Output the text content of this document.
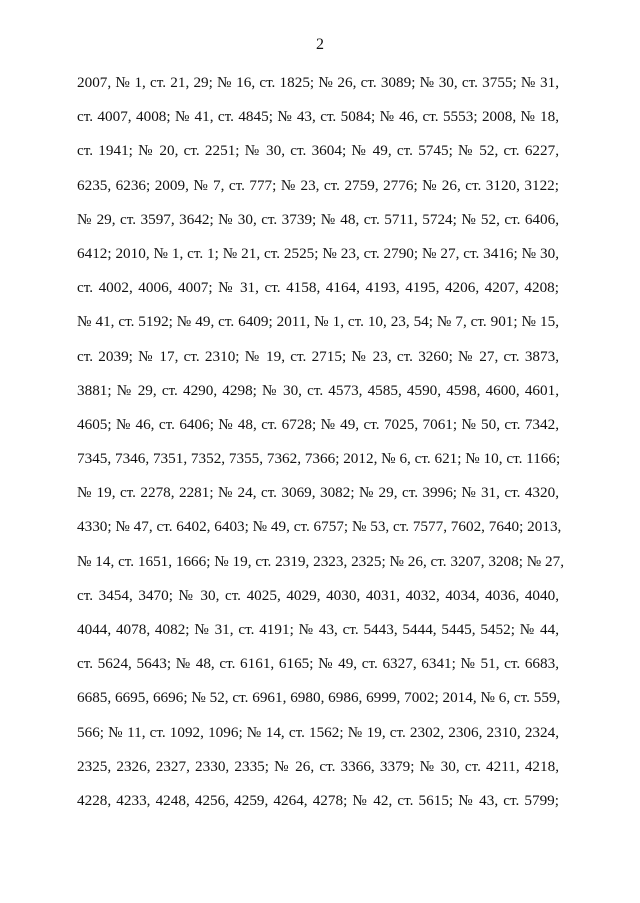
2
2007, № 1, ст. 21, 29; № 16, ст. 1825; № 26, ст. 3089; № 30, ст. 3755; № 31,
ст. 4007, 4008; № 41, ст. 4845; № 43, ст. 5084; № 46, ст. 5553; 2008, № 18,
ст. 1941; № 20, ст. 2251; № 30, ст. 3604; № 49, ст. 5745; № 52, ст. 6227,
6235, 6236; 2009, № 7, ст. 777; № 23, ст. 2759, 2776; № 26, ст. 3120, 3122;
№ 29, ст. 3597, 3642; № 30, ст. 3739; № 48, ст. 5711, 5724; № 52, ст. 6406,
6412; 2010, № 1, ст. 1; № 21, ст. 2525; № 23, ст. 2790; № 27, ст. 3416; № 30,
ст. 4002, 4006, 4007; № 31, ст. 4158, 4164, 4193, 4195, 4206, 4207, 4208;
№ 41, ст. 5192; № 49, ст. 6409; 2011, № 1, ст. 10, 23, 54; № 7, ст. 901; № 15,
ст. 2039; № 17, ст. 2310; № 19, ст. 2715; № 23, ст. 3260; № 27, ст. 3873,
3881; № 29, ст. 4290, 4298; № 30, ст. 4573, 4585, 4590, 4598, 4600, 4601,
4605; № 46, ст. 6406; № 48, ст. 6728; № 49, ст. 7025, 7061; № 50, ст. 7342,
7345, 7346, 7351, 7352, 7355, 7362, 7366; 2012, № 6, ст. 621; № 10, ст. 1166;
№ 19, ст. 2278, 2281; № 24, ст. 3069, 3082; № 29, ст. 3996; № 31, ст. 4320,
4330; № 47, ст. 6402, 6403; № 49, ст. 6757; № 53, ст. 7577, 7602, 7640; 2013,
№ 14, ст. 1651, 1666; № 19, ст. 2319, 2323, 2325; № 26, ст. 3207, 3208; № 27,
ст. 3454, 3470; № 30, ст. 4025, 4029, 4030, 4031, 4032, 4034, 4036, 4040,
4044, 4078, 4082; № 31, ст. 4191; № 43, ст. 5443, 5444, 5445, 5452; № 44,
ст. 5624, 5643; № 48, ст. 6161, 6165; № 49, ст. 6327, 6341; № 51, ст. 6683,
6685, 6695, 6696; № 52, ст. 6961, 6980, 6986, 6999, 7002; 2014, № 6, ст. 559,
566; № 11, ст. 1092, 1096; № 14, ст. 1562; № 19, ст. 2302, 2306, 2310, 2324,
2325, 2326, 2327, 2330, 2335; № 26, ст. 3366, 3379; № 30, ст. 4211, 4218,
4228, 4233, 4248, 4256, 4259, 4264, 4278; № 42, ст. 5615; № 43, ст. 5799;
